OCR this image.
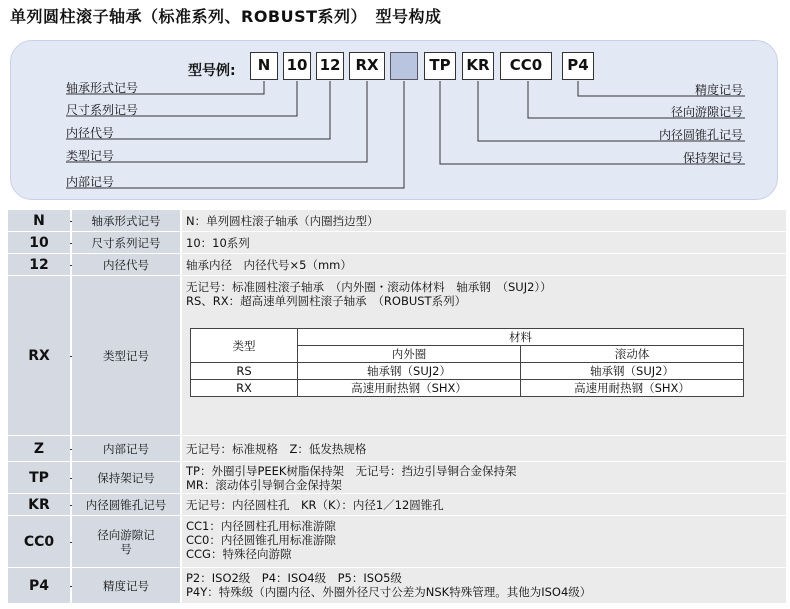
单列圆柱滚子轴承（标准系列、ROBUST系列）　型号构成
型号例:	N	10 12	RX	TP	KR	CC0	P4
轴承形式记号
尺寸系列记号
内径代号
类型记号
内部记号
精度记号
径向游隙记号
内径圆锥孔记号
保持架记号
N	轴承形式记号	N：单列圆柱滚子轴承（内圈挡边型）
10	尺寸系列记号	10：10系列
12	内径代号	轴承内径　内径代号×5（mm）
RX	类型记号
无记号：标准圆柱滚子轴承　（内外圈・滚动体材料　轴承钢　（SUJ2））
RS、RX：超高速单列圆柱滚子轴承　（ROBUST系列）
类型	材料	
	内外圈	滚动体
RS	轴承钢（SUJ2）	轴承钢（SUJ2）
RX	高速用耐热钢（SHX）	高速用耐热钢（SHX）
Z	内部记号	无记号：标准规格　Z：低发热规格
TP	保持架记号	TP：外圈引导PEEK树脂保持架　无记号：挡边引导铜合金保持架
MR：滚动体引导铜合金保持架
KR	内径圆锥孔记号	无记号：内径圆柱孔　KR（K）：内径1／12圆锥孔
CC0	径向游隙记号
CC1：内径圆柱孔用标准游隙
CC0：内径圆锥孔用标准游隙
CCG：特殊径向游隙
P4	精度记号
P2：ISO2级　P4：ISO4级　P5：ISO5级
P4Y：特殊级（内圈内径、外圈外径尺寸公差为NSK特殊管理。其他为ISO4级）
